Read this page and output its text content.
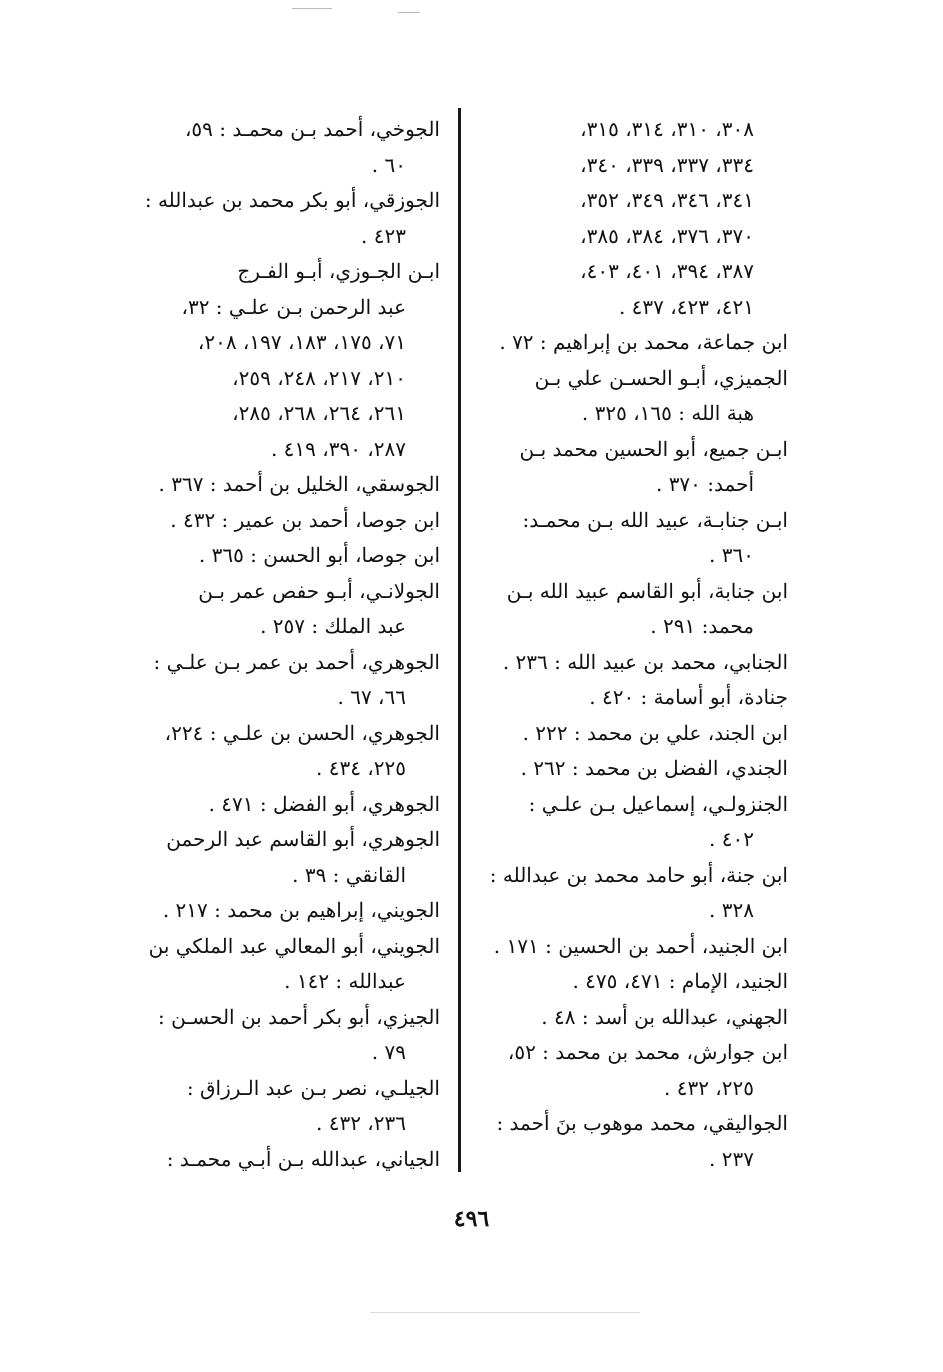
٣٠٨، ٣١٠، ٣١٤، ٣١٥،
٣٣٤، ٣٣٧، ٣٣٩، ٣٤٠،
٣٤١، ٣٤٦، ٣٤٩، ٣٥٢،
٣٧٠، ٣٧٦، ٣٨٤، ٣٨٥،
٣٨٧، ٣٩٤، ٤٠١، ٤٠٣،
٤٢١، ٤٢٣، ٤٣٧ .
ابن جماعة، محمد بن إبراهيم : ٧٢ .
الجميزي، أبـو الحسـن علي بـن
هبة الله : ١٦٥، ٣٢٥ .
ابـن جميع، أبو الحسين محمد بـن
أحمد: ٣٧٠ .
ابـن جنابـة، عبيد الله بـن محمـد:
٣٦٠ .
ابن جنابة، أبو القاسم عبيد الله بـن
محمد: ٢٩١ .
الجنابي، محمد بن عبيد الله : ٢٣٦ .
جنادة، أبو أسامة : ٤٢٠ .
ابن الجند، علي بن محمد : ٢٢٢ .
الجندي، الفضل بن محمد : ٢٦٢ .
الجنزولـي، إسماعيل بـن علـي :
٤٠٢ .
ابن جنة، أبو حامد محمد بن عبدالله :
٣٢٨ .
ابن الجنيد، أحمد بن الحسين : ١٧١ .
الجنيد، الإمام : ٤٧١، ٤٧٥ .
الجهني، عبدالله بن أسد : ٤٨ .
ابن جوارش، محمد بن محمد : ٥٢،
٢٢٥، ٤٣٢ .
الجواليقي، محمد موهوب بنَ أحمد :
٢٣٧ .
الجوخي، أحمد بـن محمـد : ٥٩،
٦٠ .
الجوزقي، أبو بكر محمد بن عبدالله :
٤٢٣ .
ابـن الجـوزي، أبـو الفـرج
عبد الرحمن بـن علـي : ٣٢،
٧١، ١٧٥، ١٨٣، ١٩٧، ٢٠٨،
٢١٠، ٢١٧، ٢٤٨، ٢٥٩،
٢٦١، ٢٦٤، ٢٦٨، ٢٨٥،
٢٨٧، ٣٩٠، ٤١٩ .
الجوسقي، الخليل بن أحمد : ٣٦٧ .
ابن جوصا، أحمد بن عمير : ٤٣٢ .
ابن جوصا، أبو الحسن : ٣٦٥ .
الجولانـي، أبـو حفص عمر بـن
عبد الملك : ٢٥٧ .
الجوهري، أحمد بن عمر بـن علـي :
٦٦، ٦٧ .
الجوهري، الحسن بن علـي : ٢٢٤،
٢٢٥، ٤٣٤ .
الجوهري، أبو الفضل : ٤٧١ .
الجوهري، أبو القاسم عبد الرحمن
القانقي : ٣٩ .
الجويني، إبراهيم بن محمد : ٢١٧ .
الجويني، أبو المعالي عبد الملكي بن
عبدالله : ١٤٢ .
الجيزي، أبو بكر أحمد بن الحسـن :
٧٩ .
الجيلـي، نصر بـن عبد الـرزاق :
٢٣٦، ٤٣٢ .
الجياني، عبدالله بـن أبـي محمـد :
٤٩٦
